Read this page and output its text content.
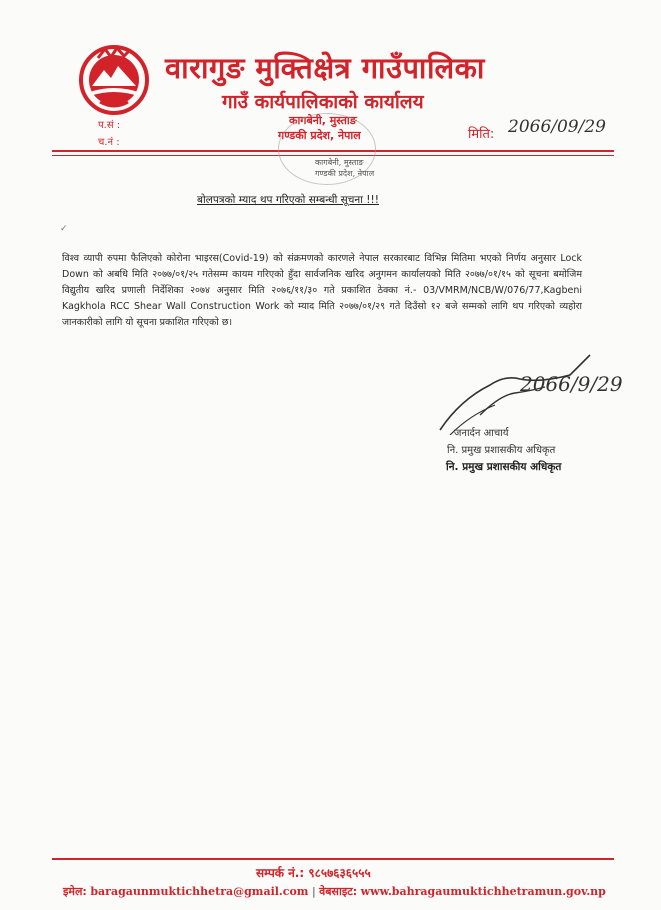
वारागुङ मुक्तिक्षेत्र गाउँपालिका
गाउँ कार्यपालिकाको कार्यालय
कागबेनी, मुस्ताङ
गण्डकी प्रदेश, नेपाल
प.सं :
च.नं :
मिति: 2066/09/29
कागबेनी, मुस्ताङ
गण्डकी प्रदेश, नेपाल
बोलपत्रको म्याद थप गरिएको सम्बन्धी सूचना !!!
✓
विश्व व्यापी रुपमा फैलिएको कोरोना भाइरस(Covid-19) को संक्रमणको कारणले नेपाल सरकारबाट विभिन्न मितिमा भएको निर्णय अनुसार Lock Down को अबधि मिति २०७७/०१/२५ गतेसम्म कायम गरिएको हुँदा सार्वजनिक खरिद अनुगमन कार्यालयको मिति २०७७/०१/१५ को सूचना बमोजिम विद्युतीय खरिद प्रणाली निर्देशिका २०७४ अनुसार मिति २०७६/११/३० गते प्रकाशित ठेक्का नं.- 03/VMRM/NCB/W/076/77,Kagbeni Kagkhola RCC Shear Wall Construction Work को म्याद मिति २०७७/०१/२९ गते दिउँसो १२ बजे सम्मको लागि थप गरिएको व्यहोरा जानकारीको लागि यो सूचना प्रकाशित गरिएको छ।
2066/9/29
जनार्दन आचार्य
नि. प्रमुख प्रशासकीय अधिकृत
नि. प्रमुख प्रशासकीय अधिकृत
सम्पर्क नं.: ९८५७६३६५५५
इमेल: baragaunmuktichhetra@gmail.com | वेबसाइट: www.bahragaumuktichhetramun.gov.np
